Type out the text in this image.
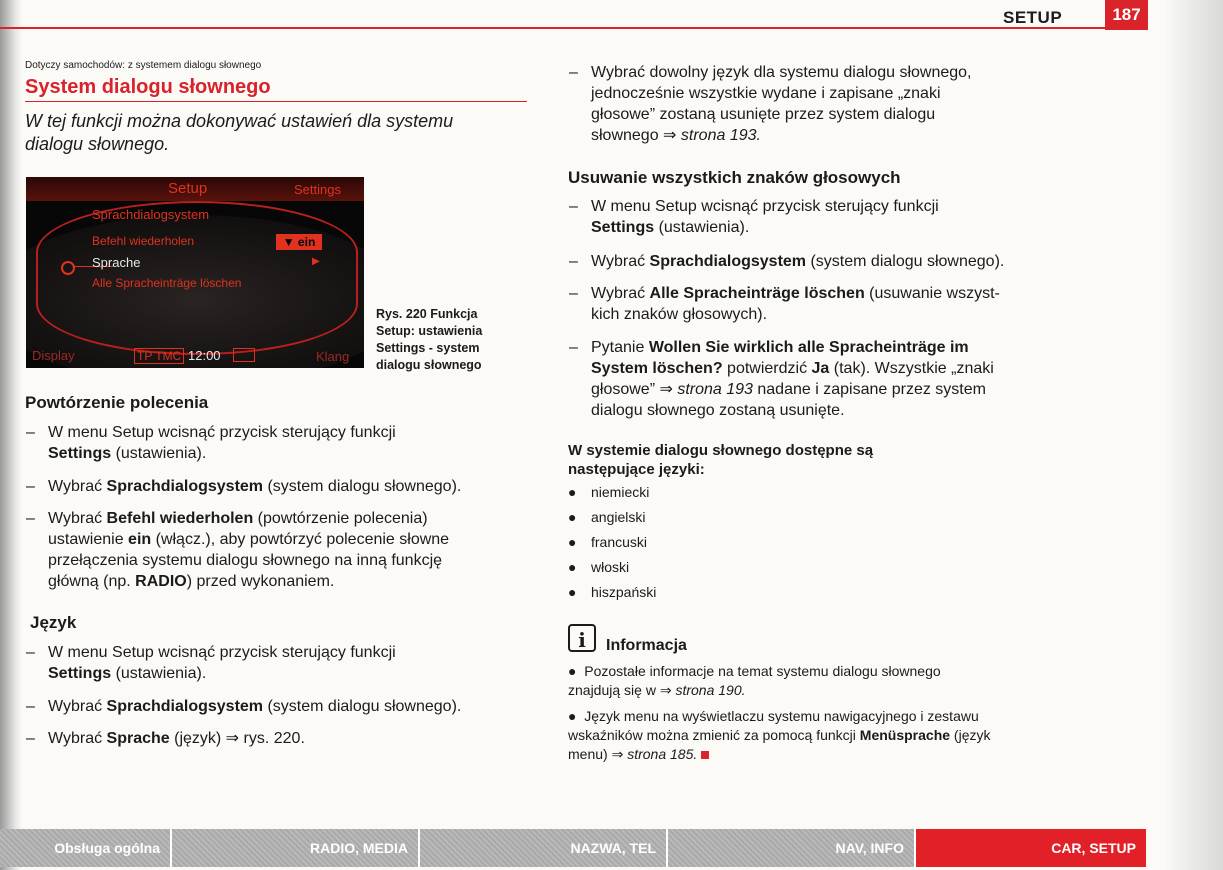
SETUP	187
Dotyczy samochodów: z systemem dialogu słownego
System dialogu słownego
W tej funkcji można dokonywać ustawień dla systemu
dialogu słownego.
Setup	Settings
Sprachdialogsystem
Befehl wiederholen	▼ ein
Sprache	▶
Alle Spracheinträge löschen
Display	TP TMC 12:00	Klang
Rys. 220 Funkcja
Setup: ustawienia
Settings - system
dialogu słownego
Powtórzenie polecenia
– W menu Setup wcisnąć przycisk sterujący funkcji
Settings (ustawienia).
– Wybrać Sprachdialogsystem (system dialogu słownego).
– Wybrać Befehl wiederholen (powtórzenie polecenia)
ustawienie ein (włącz.), aby powtórzyć polecenie słowne
przełączenia systemu dialogu słownego na inną funkcję
główną (np. RADIO) przed wykonaniem.
Język
– W menu Setup wcisnąć przycisk sterujący funkcji
Settings (ustawienia).
– Wybrać Sprachdialogsystem (system dialogu słownego).
– Wybrać Sprache (język) ⇒ rys. 220.
– Wybrać dowolny język dla systemu dialogu słownego,
jednocześnie wszystkie wydane i zapisane „znaki
głosowe” zostaną usunięte przez system dialogu
słownego ⇒ strona 193.
Usuwanie wszystkich znaków głosowych
– W menu Setup wcisnąć przycisk sterujący funkcji
Settings (ustawienia).
– Wybrać Sprachdialogsystem (system dialogu słownego).
– Wybrać Alle Spracheinträge löschen (usuwanie wszyst-
kich znaków głosowych).
– Pytanie Wollen Sie wirklich alle Spracheinträge im
System löschen? potwierdzić Ja (tak). Wszystkie „znaki
głosowe” ⇒ strona 193 nadane i zapisane przez system
dialogu słownego zostaną usunięte.
W systemie dialogu słownego dostępne są
następujące języki:
● niemiecki
● angielski
● francuski
● włoski
● hiszpański
i	Informacja
●  Pozostałe informacje na temat systemu dialogu słownego
znajdują się w ⇒ strona 190.
●  Język menu na wyświetlaczu systemu nawigacyjnego i zestawu
wskaźników można zmienić za pomocą funkcji Menüsprache (język
menu) ⇒ strona 185.
Obsługa ogólna	RADIO, MEDIA	NAZWA, TEL	NAV, INFO	CAR, SETUP
